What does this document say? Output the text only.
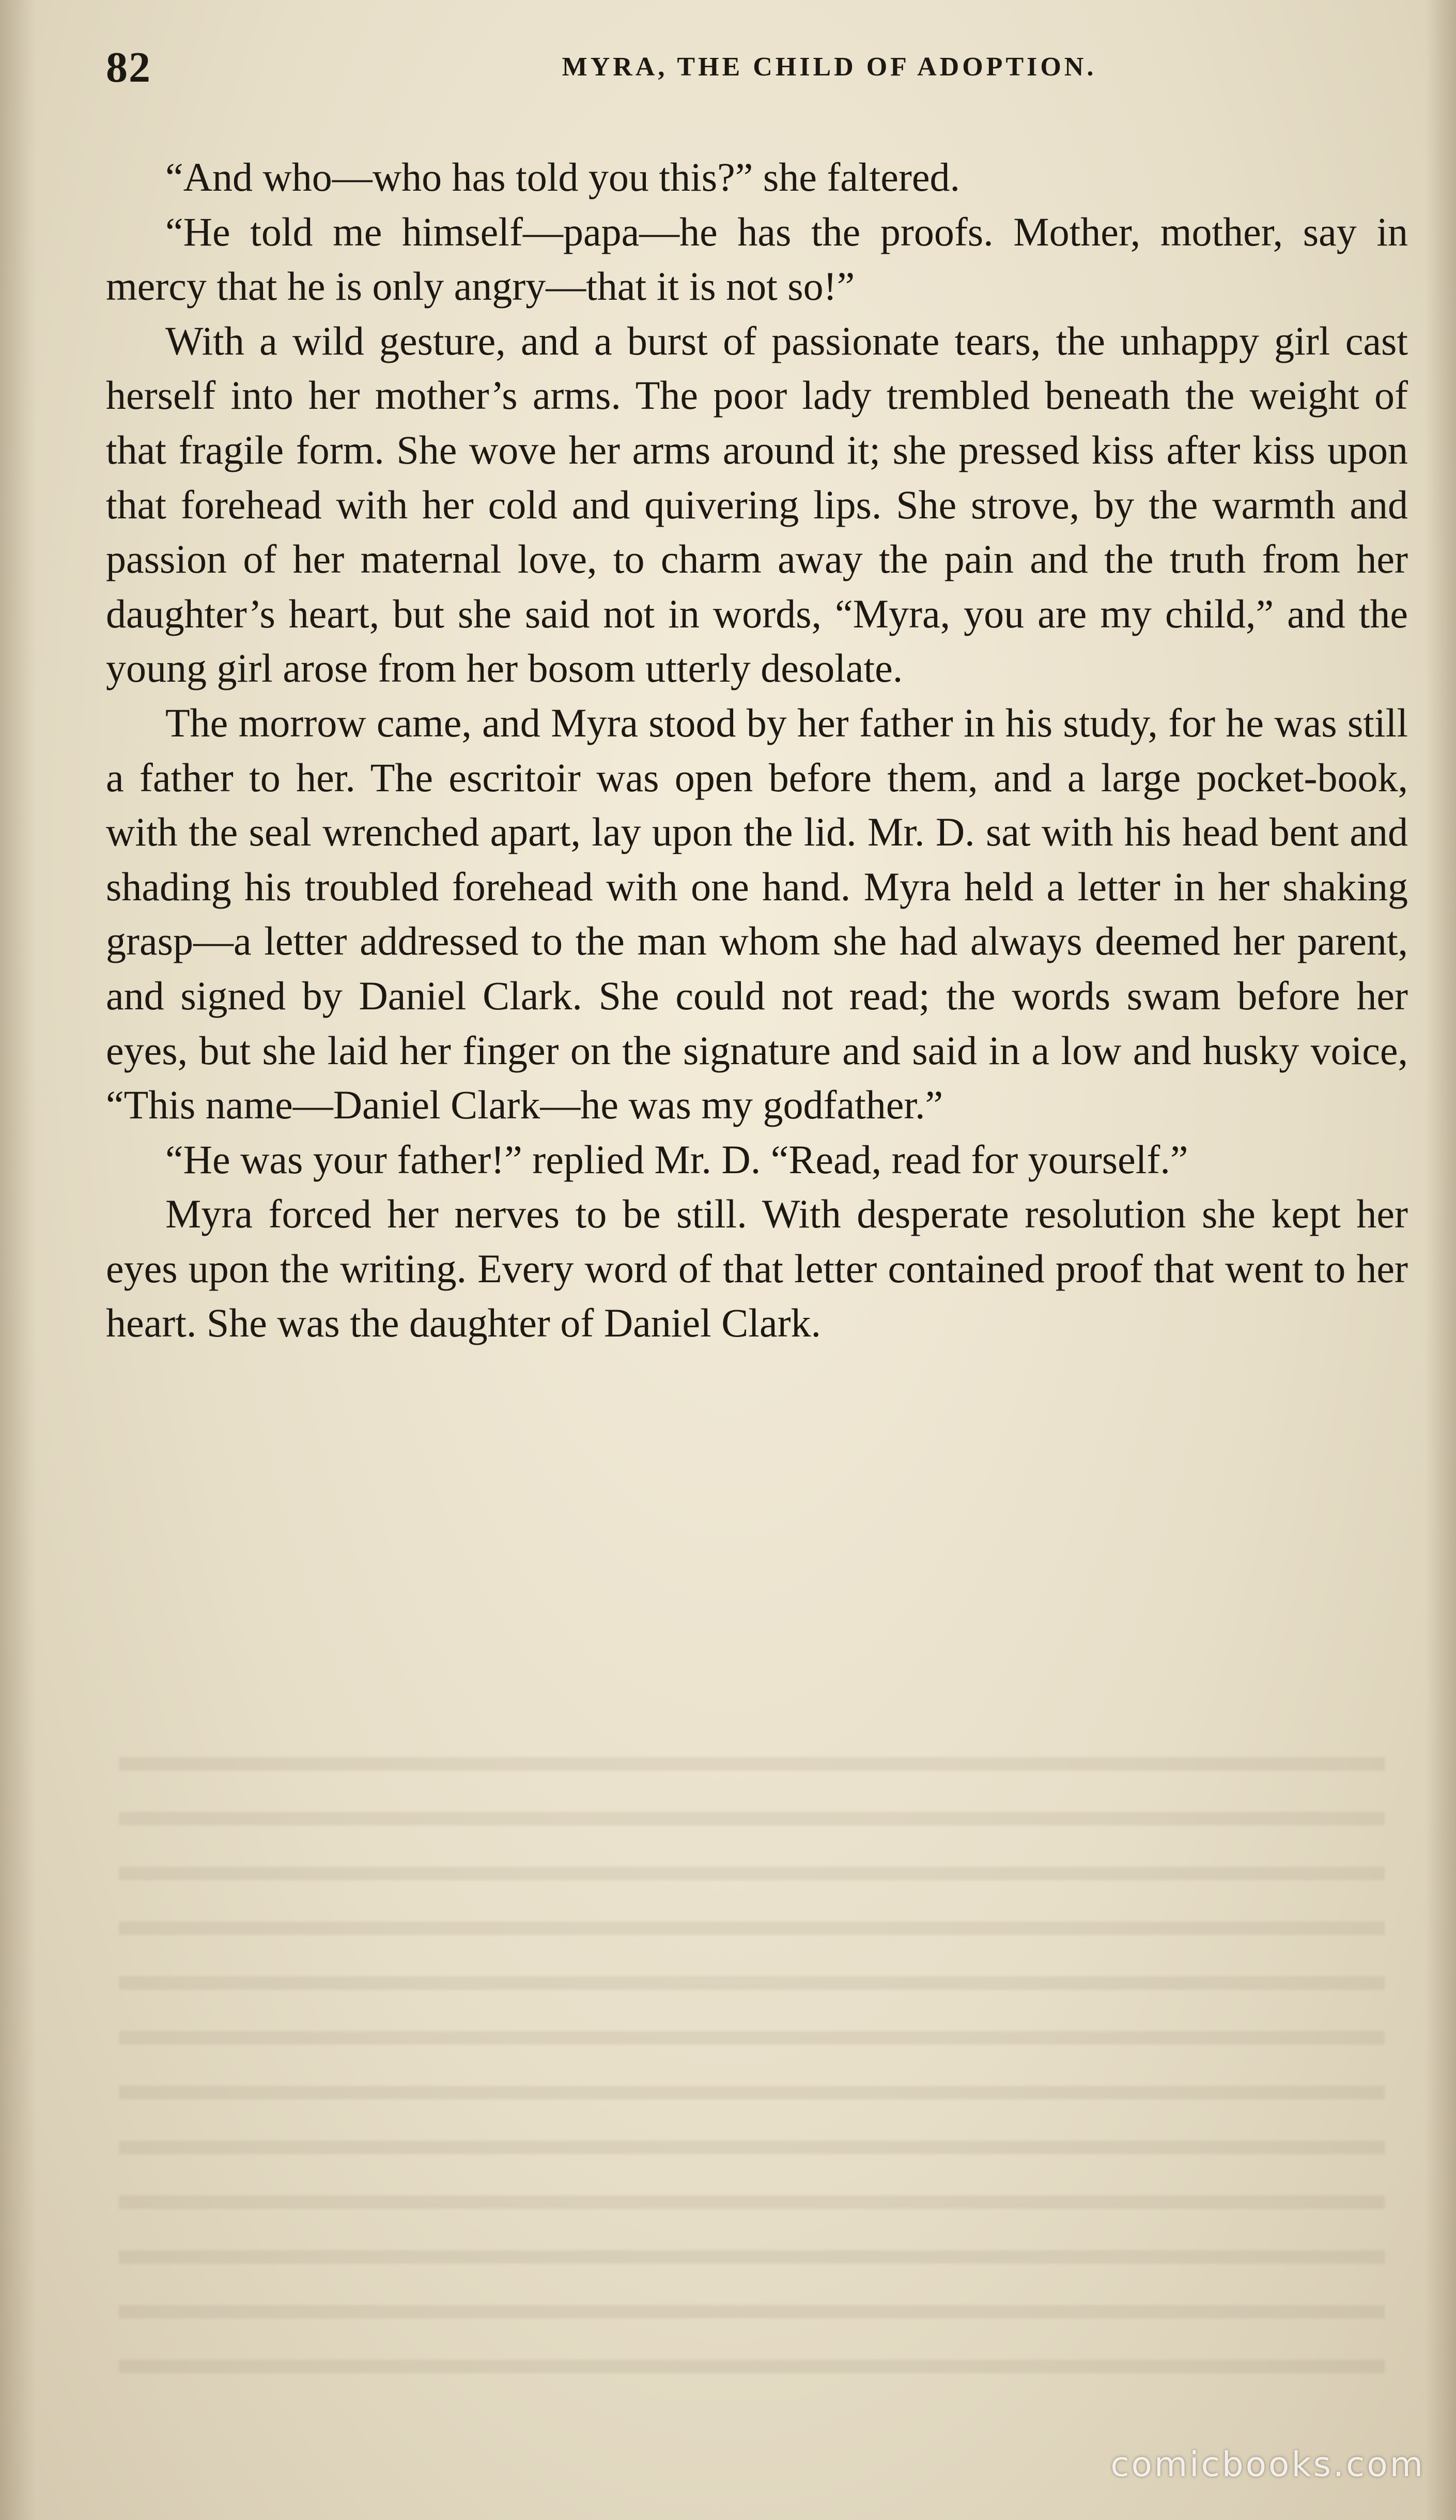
82	MYRA, THE CHILD OF ADOPTION.

“And who—who has told you this?” she faltered.

“He told me himself—papa—he has the proofs. Mother, mother, say in mercy that he is only angry—that it is not so!”

With a wild gesture, and a burst of passionate tears, the unhappy girl cast herself into her mother’s arms. The poor lady trembled beneath the weight of that fragile form. She wove her arms around it; she pressed kiss after kiss upon that forehead with her cold and quivering lips. She strove, by the warmth and passion of her maternal love, to charm away the pain and the truth from her daughter’s heart, but she said not in words, “Myra, you are my child,” and the young girl arose from her bosom utterly desolate.

The morrow came, and Myra stood by her father in his study, for he was still a father to her. The escritoir was open before them, and a large pocket-book, with the seal wrenched apart, lay upon the lid. Mr. D. sat with his head bent and shading his troubled forehead with one hand. Myra held a letter in her shaking grasp—a letter addressed to the man whom she had always deemed her parent, and signed by Daniel Clark. She could not read; the words swam before her eyes, but she laid her finger on the signature and said in a low and husky voice, “This name—Daniel Clark—he was my godfather.”

“He was your father!” replied Mr. D. “Read, read for yourself.”

Myra forced her nerves to be still. With desperate resolution she kept her eyes upon the writing. Every word of that letter contained proof that went to her heart. She was the daughter of Daniel Clark.

comicbooks.com
